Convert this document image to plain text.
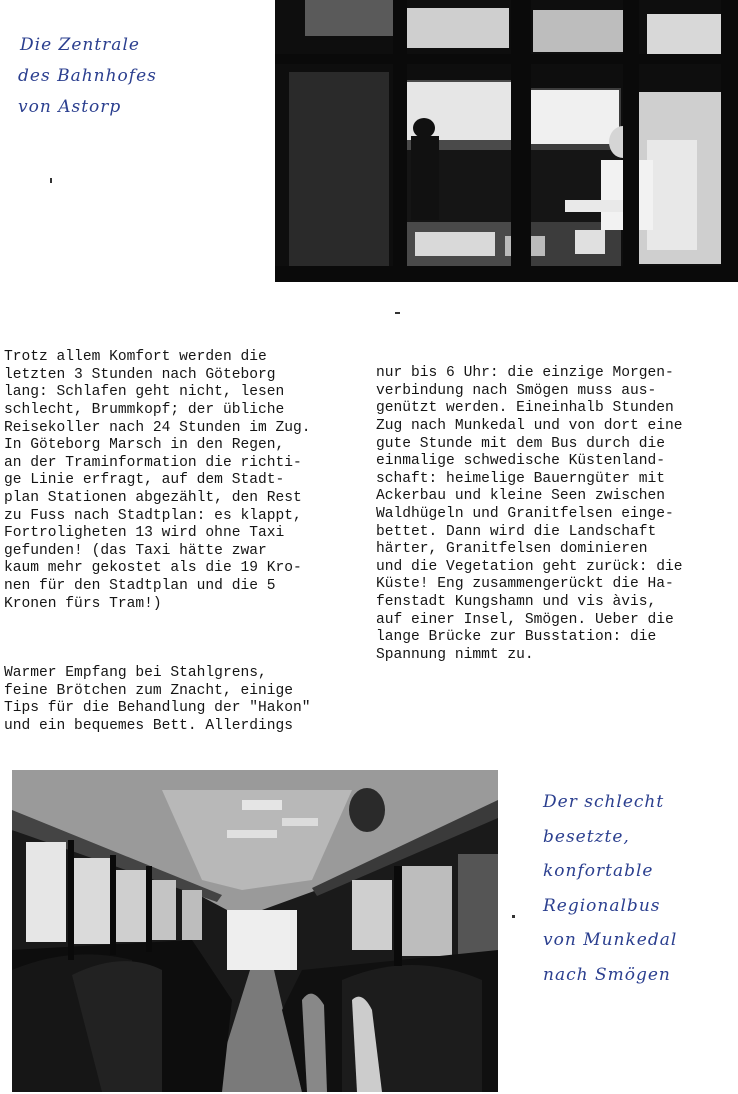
Die Zentrale
des Bahnhofes
von Astorp

Trotz allem Komfort werden die
letzten 3 Stunden nach Göteborg
lang: Schlafen geht nicht, lesen
schlecht, Brummkopf; der übliche
Reisekoller nach 24 Stunden im Zug.
In Göteborg Marsch in den Regen,
an der Traminformation die richti-
ge Linie erfragt, auf dem Stadt-
plan Stationen abgezählt, den Rest
zu Fuss nach Stadtplan: es klappt,
Fortroligheten 13 wird ohne Taxi
gefunden! (das Taxi hätte zwar
kaum mehr gekostet als die 19 Kro-
nen für den Stadtplan und die 5
Kronen fürs Tram!)

Warmer Empfang bei Stahlgrens,
feine Brötchen zum Znacht, einige
Tips für die Behandlung der "Hakon"
und ein bequemes Bett. Allerdings

nur bis 6 Uhr: die einzige Morgen-
verbindung nach Smögen muss aus-
genützt werden. Eineinhalb Stunden
Zug nach Munkedal und von dort eine
gute Stunde mit dem Bus durch die
einmalige schwedische Küstenland-
schaft: heimelige Bauerngüter mit
Ackerbau und kleine Seen zwischen
Waldhügeln und Granitfelsen einge-
bettet. Dann wird die Landschaft
härter, Granitfelsen dominieren
und die Vegetation geht zurück: die
Küste! Eng zusammengerückt die Ha-
fenstadt Kungshamn und vis àvis,
auf einer Insel, Smögen. Ueber die
lange Brücke zur Busstation: die
Spannung nimmt zu.

Der schlecht
besetzte,
konfortable
Regionalbus
von Munkedal
nach Smögen
